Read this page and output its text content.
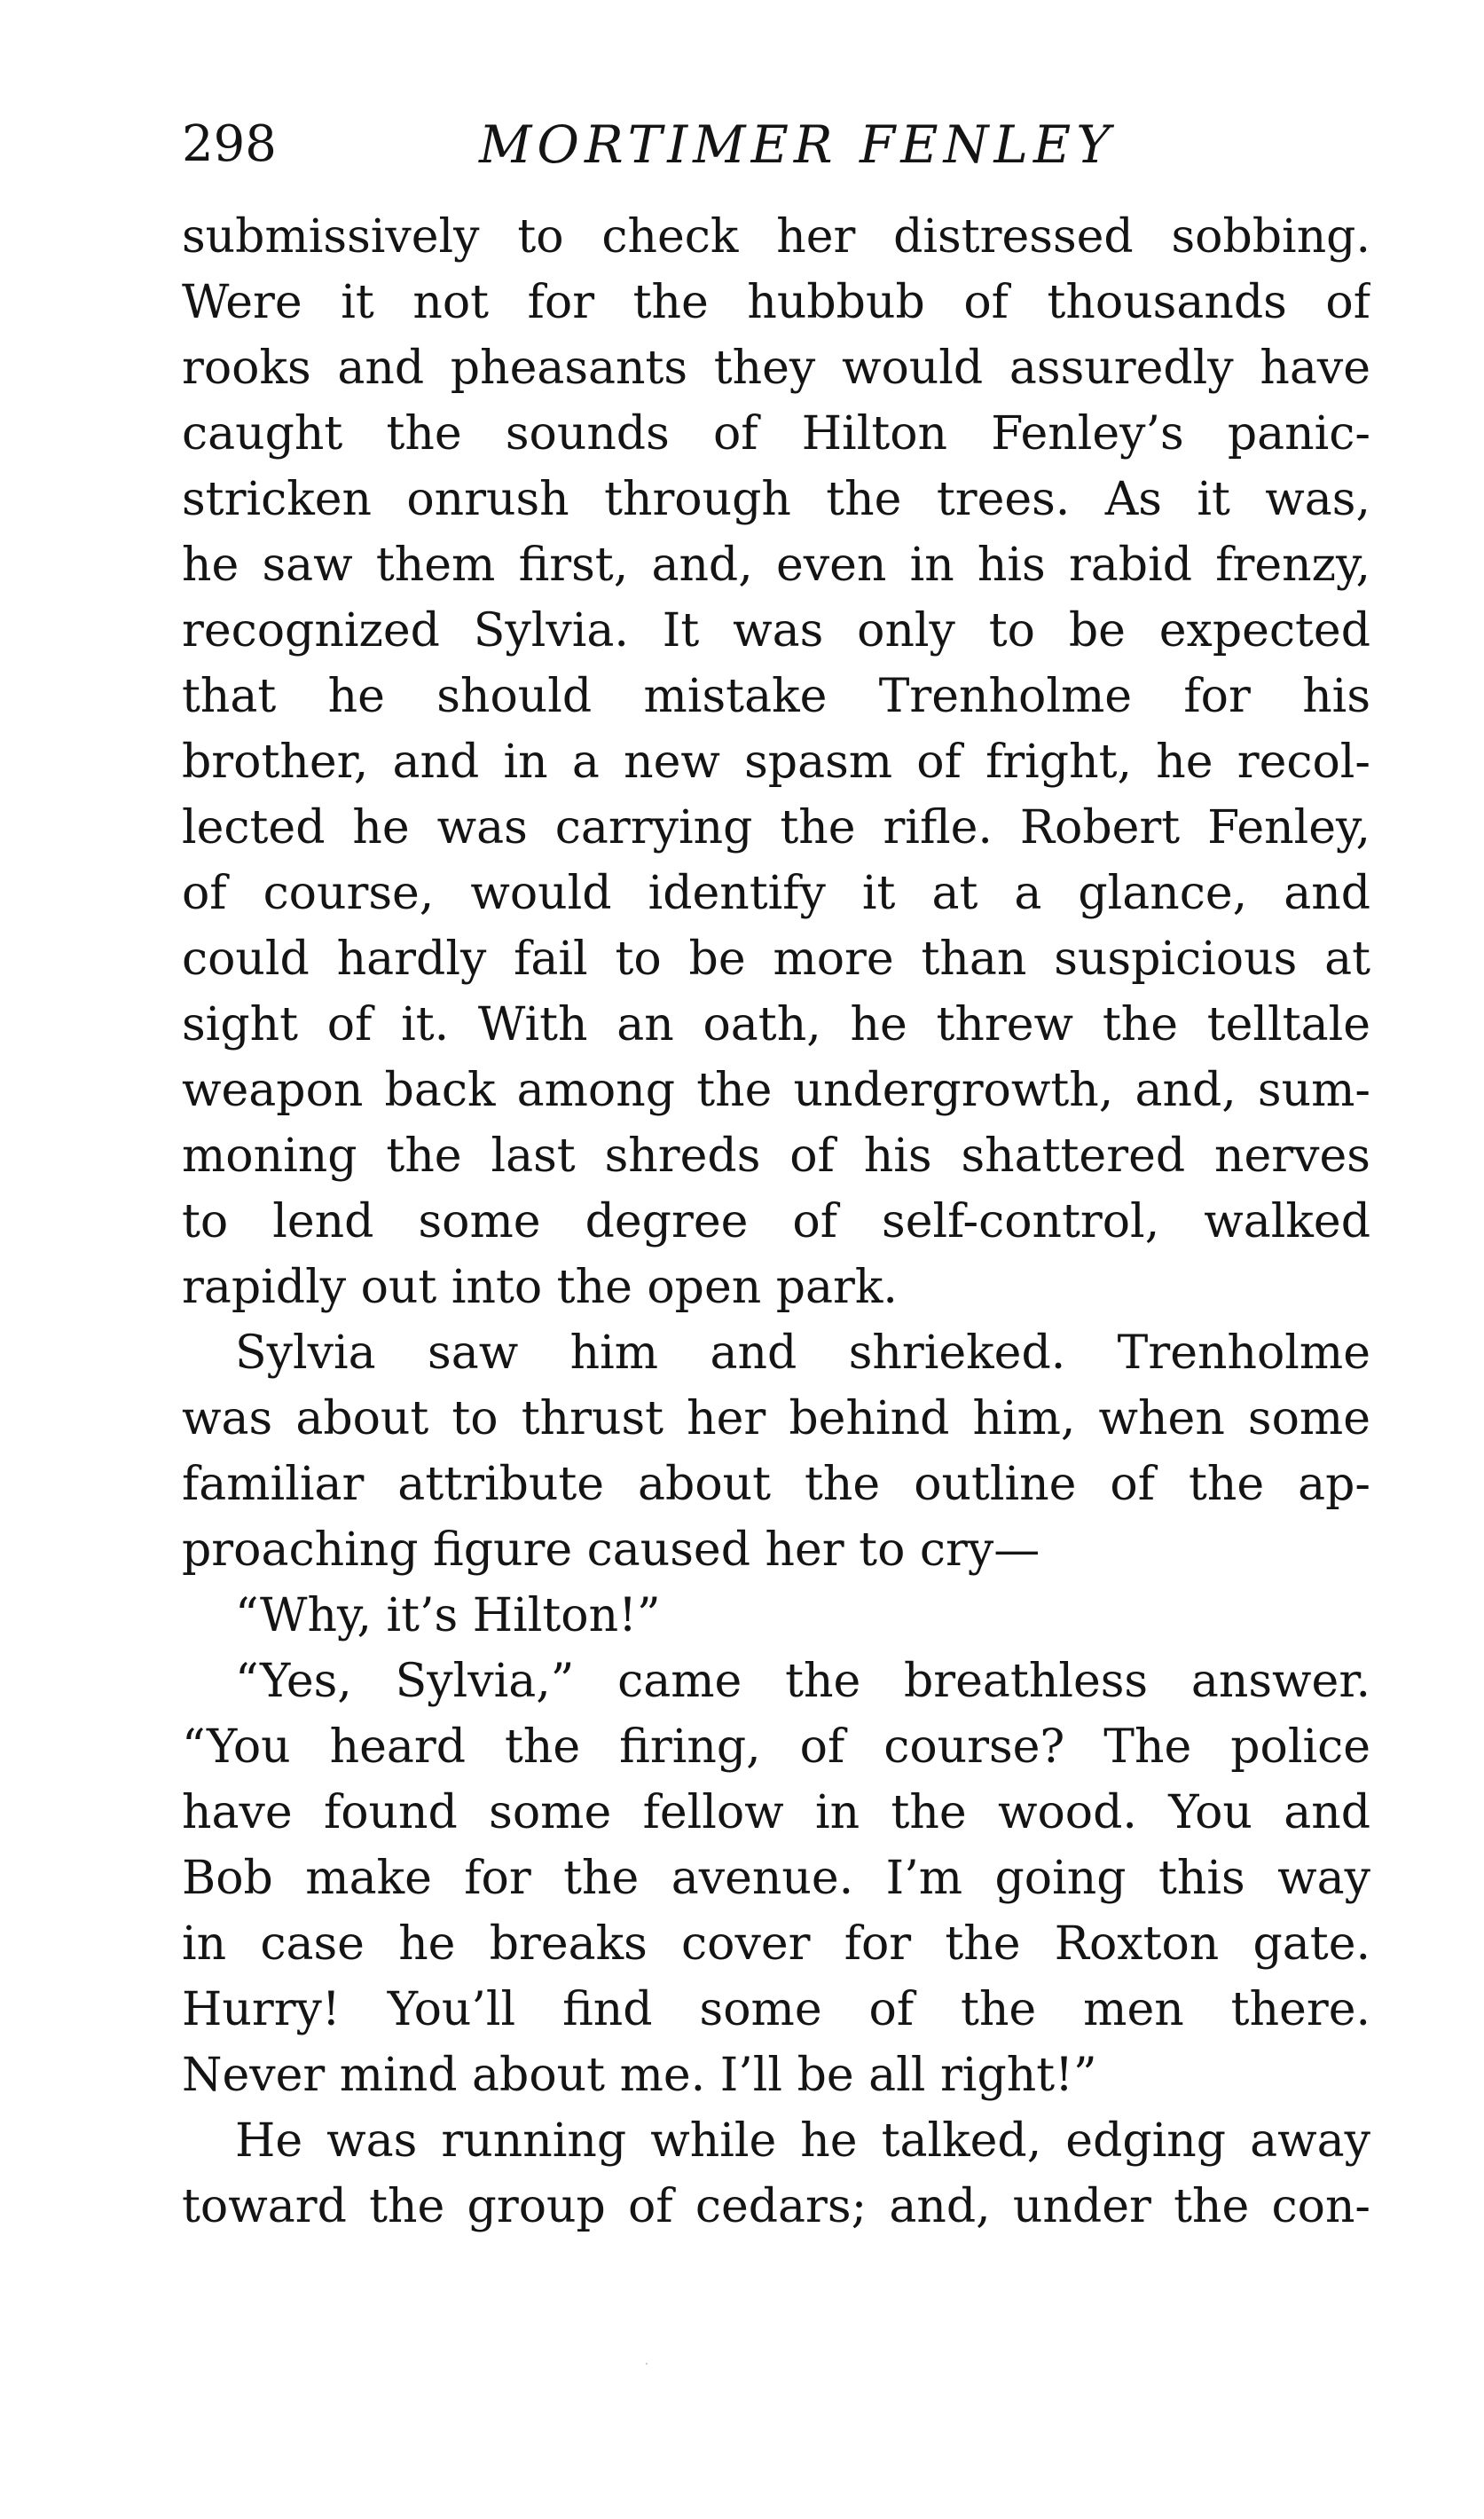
298	MORTIMER FENLEY
submissively to check her distressed sobbing.
Were it not for the hubbub of thousands of
rooks and pheasants they would assuredly have
caught the sounds of Hilton Fenley’s panic-
stricken onrush through the trees. As it was,
he saw them first, and, even in his rabid frenzy,
recognized Sylvia. It was only to be expected
that he should mistake Trenholme for his
brother, and in a new spasm of fright, he recol-
lected he was carrying the rifle. Robert Fenley,
of course, would identify it at a glance, and
could hardly fail to be more than suspicious at
sight of it. With an oath, he threw the telltale
weapon back among the undergrowth, and, sum-
moning the last shreds of his shattered nerves
to lend some degree of self-control, walked
rapidly out into the open park.
Sylvia saw him and shrieked. Trenholme
was about to thrust her behind him, when some
familiar attribute about the outline of the ap-
proaching figure caused her to cry—
“Why, it’s Hilton!”
“Yes, Sylvia,” came the breathless answer.
“You heard the firing, of course? The police
have found some fellow in the wood. You and
Bob make for the avenue. I’m going this way
in case he breaks cover for the Roxton gate.
Hurry! You’ll find some of the men there.
Never mind about me. I’ll be all right!”
He was running while he talked, edging away
toward the group of cedars; and, under the con-
